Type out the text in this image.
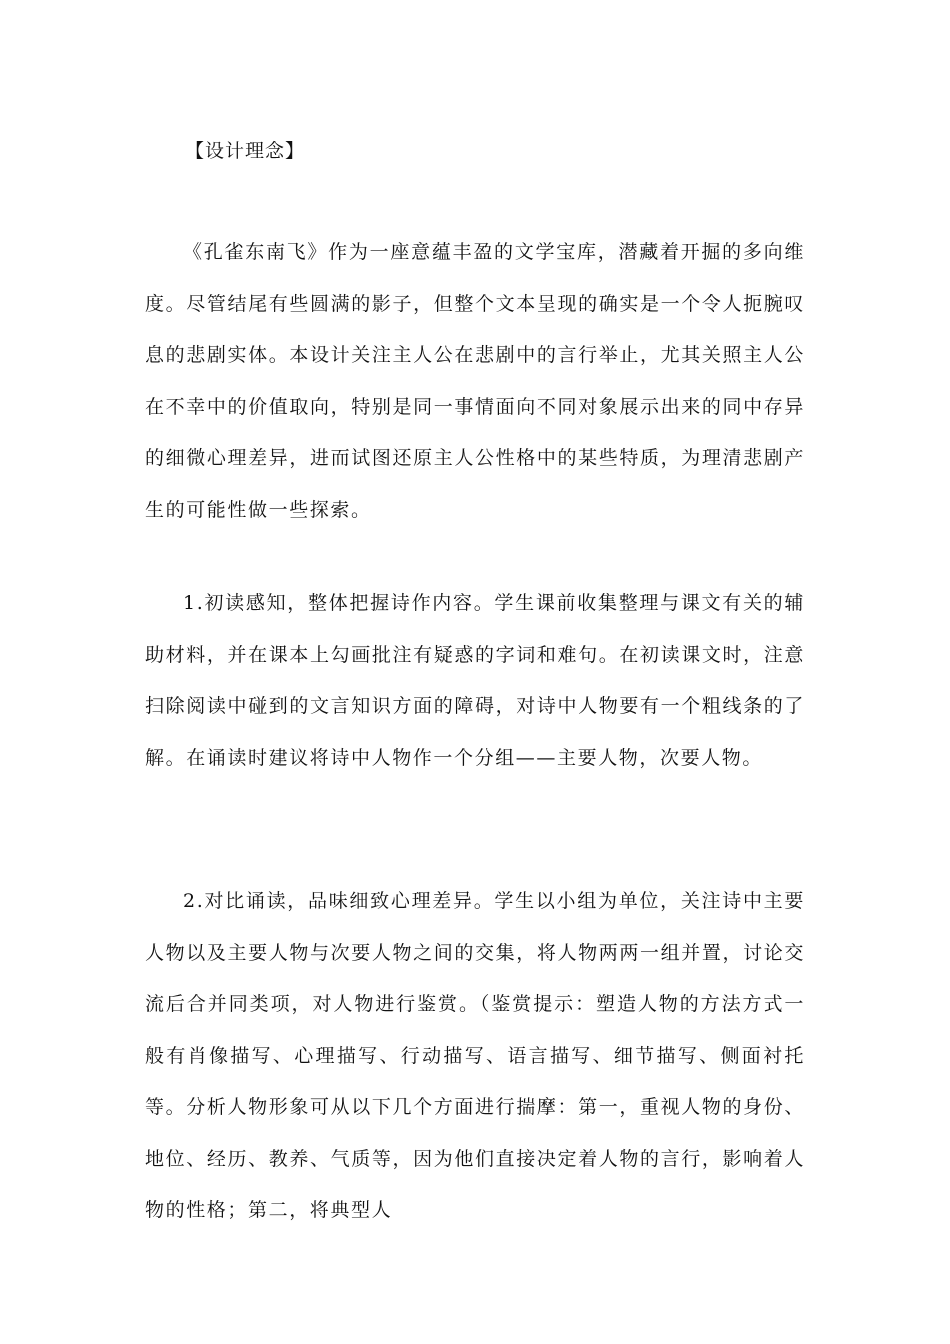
【设计理念】

《孔雀东南飞》作为一座意蕴丰盈的文学宝库，潜藏着开掘的多向维度。尽管结尾有些圆满的影子，但整个文本呈现的确实是一个令人扼腕叹息的悲剧实体。本设计关注主人公在悲剧中的言行举止，尤其关照主人公在不幸中的价值取向，特别是同一事情面向不同对象展示出来的同中存异的细微心理差异，进而试图还原主人公性格中的某些特质，为理清悲剧产生的可能性做一些探索。

1.初读感知，整体把握诗作内容。学生课前收集整理与课文有关的辅助材料，并在课本上勾画批注有疑惑的字词和难句。在初读课文时，注意扫除阅读中碰到的文言知识方面的障碍，对诗中人物要有一个粗线条的了解。在诵读时建议将诗中人物作一个分组——主要人物，次要人物。

2.对比诵读，品味细致心理差异。学生以小组为单位，关注诗中主要人物以及主要人物与次要人物之间的交集，将人物两两一组并置，讨论交流后合并同类项，对人物进行鉴赏。（鉴赏提示：塑造人物的方法方式一般有肖像描写、心理描写、行动描写、语言描写、细节描写、侧面衬托等。分析人物形象可从以下几个方面进行揣摩：第一，重视人物的身份、地位、经历、教养、气质等，因为他们直接决定着人物的言行，影响着人物的性格；第二，将典型人
